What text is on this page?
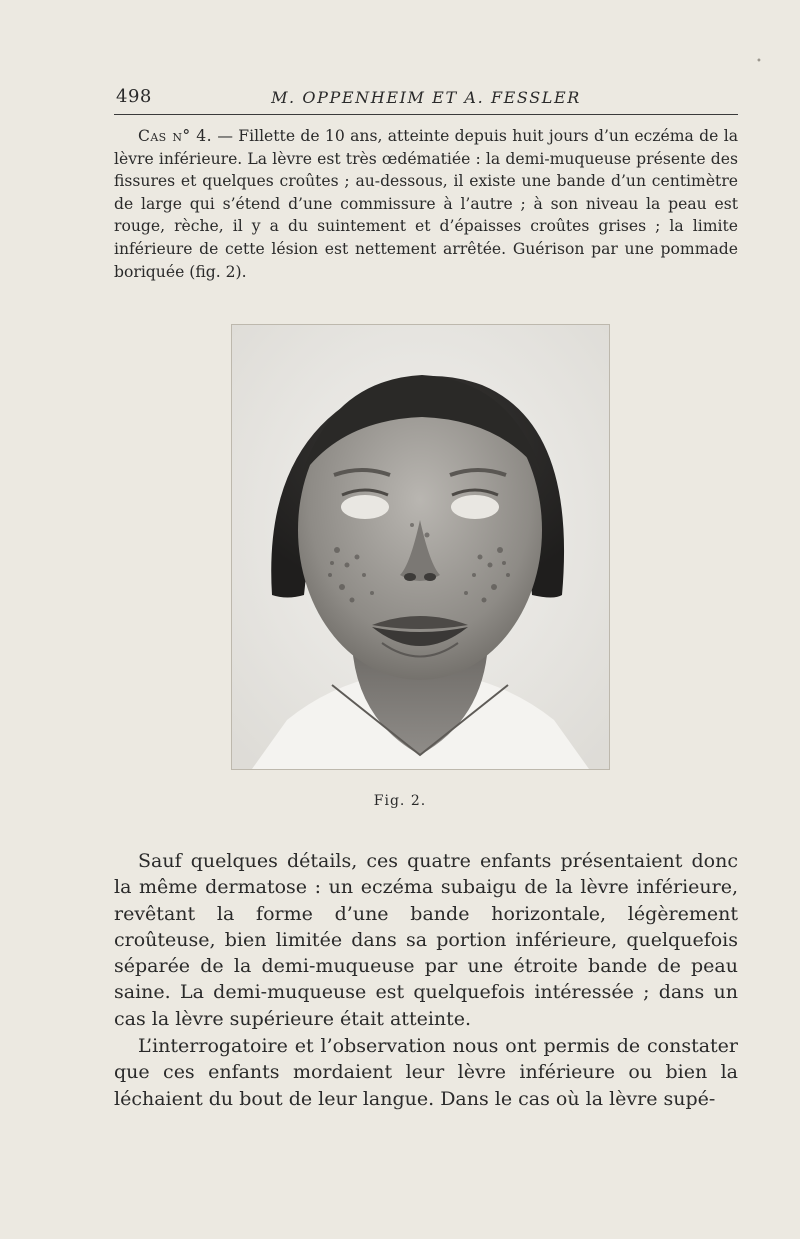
498	M. OPPENHEIM ET A. FESSLER

Cas n° 4. — Fillette de 10 ans, atteinte depuis huit jours d’un eczéma de la lèvre inférieure. La lèvre est très œdématiée : la demi-muqueuse présente des fissures et quelques croûtes ; au-dessous, il existe une bande d’un centimètre de large qui s’étend d’une commissure à l’autre ; à son niveau la peau est rouge, rèche, il y a du suintement et d’épaisses croûtes grises ; la limite inférieure de cette lésion est nettement arrêtée. Guérison par une pommade boriquée (fig. 2).

Fig. 2.

Sauf quelques détails, ces quatre enfants présentaient donc la même dermatose : un eczéma subaigu de la lèvre inférieure, revêtant la forme d’une bande horizontale, légèrement croûteuse, bien limitée dans sa portion inférieure, quelquefois séparée de la demi-muqueuse par une étroite bande de peau saine. La demi-muqueuse est quelquefois intéressée ; dans un cas la lèvre supérieure était atteinte.

L’interrogatoire et l’observation nous ont permis de constater que ces enfants mordaient leur lèvre inférieure ou bien la léchaient du bout de leur langue. Dans le cas où la lèvre supé-

•
